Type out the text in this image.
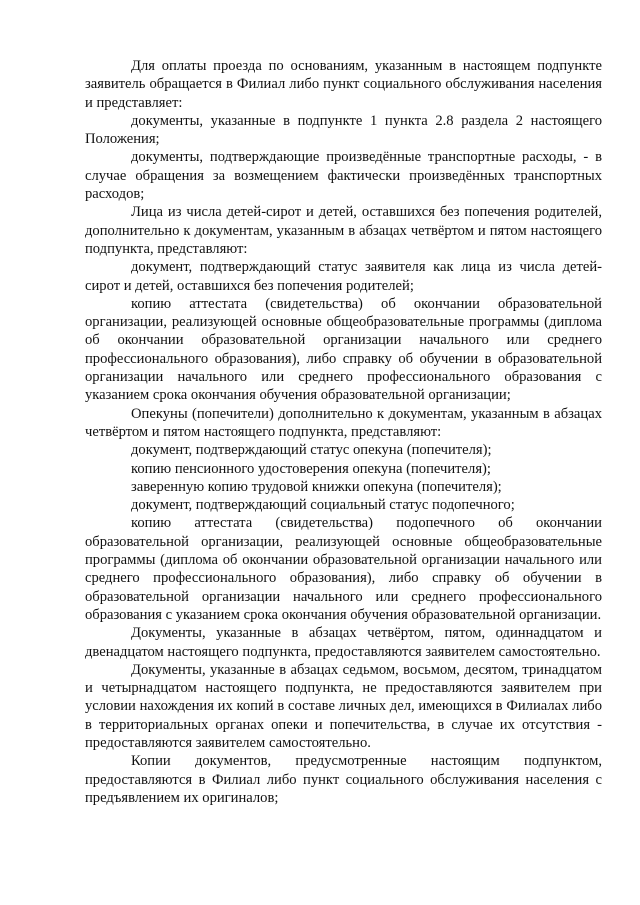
Для оплаты проезда по основаниям, указанным в настоящем подпункте заявитель обращается в Филиал либо пункт социального обслуживания населения и представляет:

документы, указанные в подпункте 1 пункта 2.8 раздела 2 настоящего Положения;

документы, подтверждающие произведённые транспортные расходы, - в случае обращения за возмещением фактически произведённых транспортных расходов;

Лица из числа детей-сирот и детей, оставшихся без попечения родителей, дополнительно к документам, указанным в абзацах четвёртом и пятом настоящего подпункта, представляют:

документ, подтверждающий статус заявителя как лица из числа детей-сирот и детей, оставшихся без попечения родителей;

копию аттестата (свидетельства) об окончании образовательной организации, реализующей основные общеобразовательные программы (диплома об окончании образовательной организации начального или среднего профессионального образования), либо справку об обучении в образовательной организации начального или среднего профессионального образования с указанием срока окончания обучения образовательной организации;

Опекуны (попечители) дополнительно к документам, указанным в абзацах четвёртом и пятом настоящего подпункта, представляют:

документ, подтверждающий статус опекуна (попечителя);

копию пенсионного удостоверения опекуна (попечителя);

заверенную копию трудовой книжки опекуна (попечителя);

документ, подтверждающий социальный статус подопечного;

копию аттестата (свидетельства) подопечного об окончании образовательной организации, реализующей основные общеобразовательные программы (диплома об окончании образовательной организации начального или среднего профессионального образования), либо справку об обучении в образовательной организации начального или среднего профессионального образования с указанием срока окончания обучения образовательной организации.

Документы, указанные в абзацах четвёртом, пятом, одиннадцатом и двенадцатом настоящего подпункта, предоставляются заявителем самостоятельно.

Документы, указанные в абзацах седьмом, восьмом, десятом, тринадцатом и четырнадцатом настоящего подпункта, не предоставляются заявителем при условии нахождения их копий в составе личных дел, имеющихся в Филиалах либо в территориальных органах опеки и попечительства, в случае их отсутствия - предоставляются заявителем самостоятельно.

Копии документов, предусмотренные настоящим подпунктом, предоставляются в Филиал либо пункт социального обслуживания населения с предъявлением их оригиналов;
